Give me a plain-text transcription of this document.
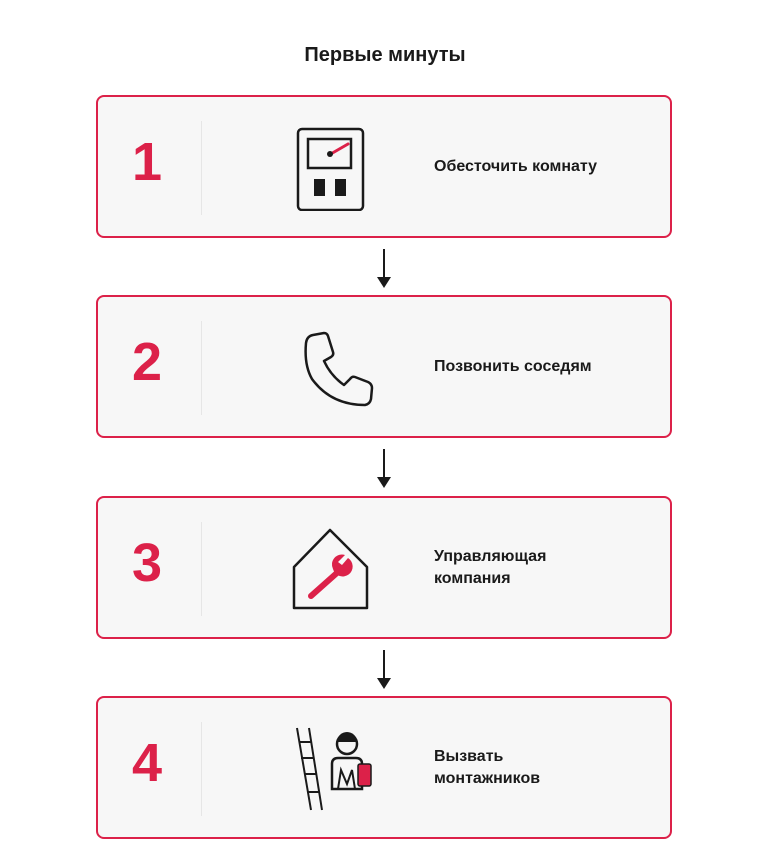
Первые минуты
1	Обесточить комнату
2	Позвонить соседям
3	Управляющая
компания
4	Вызвать
монтажников
